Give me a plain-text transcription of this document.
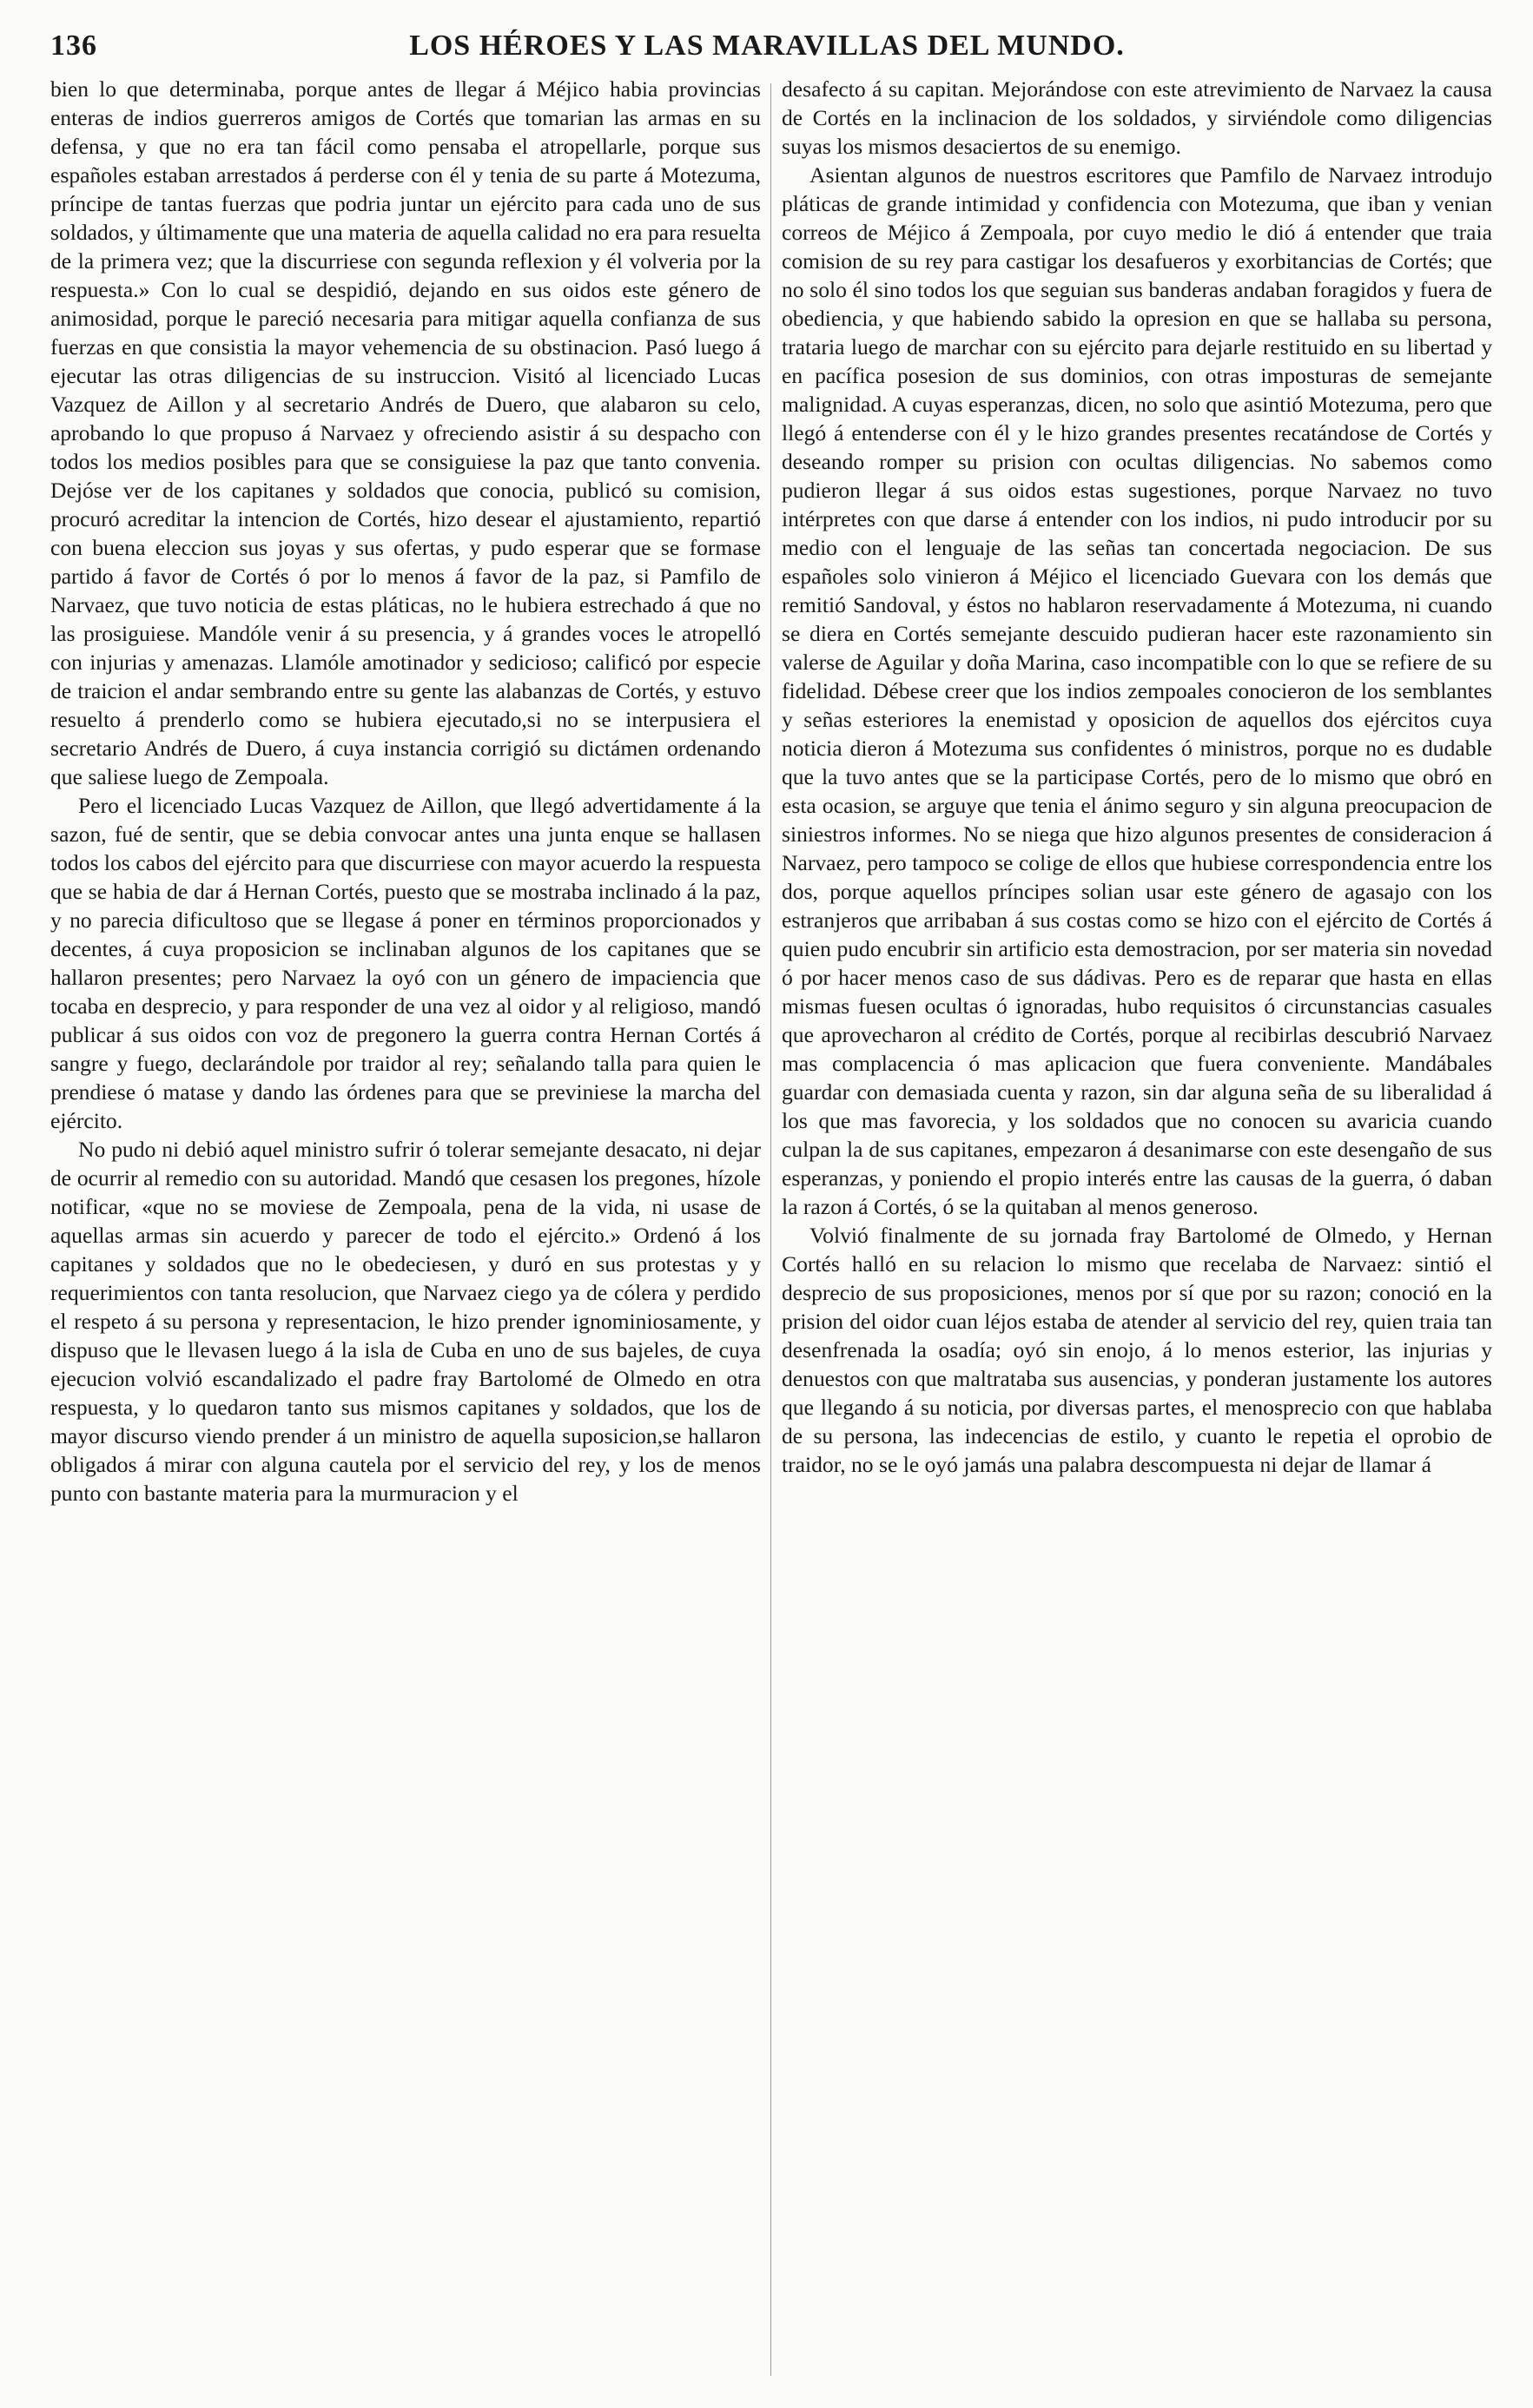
136	LOS HÉROES Y LAS MARAVILLAS DEL MUNDO.

bien lo que determinaba, porque antes de llegar á Méjico habia provincias enteras de indios guerreros amigos de Cortés que tomarian las armas en su defensa, y que no era tan fácil como pensaba el atropellarle, porque sus españoles estaban arrestados á perderse con él y tenia de su parte á Motezuma, príncipe de tantas fuerzas que podria juntar un ejército para cada uno de sus soldados, y últimamente que una materia de aquella calidad no era para resuelta de la primera vez; que la discurriese con segunda reflexion y él volveria por la respuesta.» Con lo cual se despidió, dejando en sus oidos este género de animosidad, porque le pareció necesaria para mitigar aquella confianza de sus fuerzas en que consistia la mayor vehemencia de su obstinacion. Pasó luego á ejecutar las otras diligencias de su instruccion. Visitó al licenciado Lucas Vazquez de Aillon y al secretario Andrés de Duero, que alabaron su celo, aprobando lo que propuso á Narvaez y ofreciendo asistir á su despacho con todos los medios posibles para que se consiguiese la paz que tanto convenia. Dejóse ver de los capitanes y soldados que conocia, publicó su comision, procuró acreditar la intencion de Cortés, hizo desear el ajustamiento, repartió con buena eleccion sus joyas y sus ofertas, y pudo esperar que se formase partido á favor de Cortés ó por lo menos á favor de la paz, si Pamfilo de Narvaez, que tuvo noticia de estas pláticas, no le hubiera estrechado á que no las prosiguiese. Mandóle venir á su presencia, y á grandes voces le atropelló con injurias y amenazas. Llamóle amotinador y sedicioso; calificó por especie de traicion el andar sembrando entre su gente las alabanzas de Cortés, y estuvo resuelto á prenderlo como se hubiera ejecutado,si no se interpusiera el secretario Andrés de Duero, á cuya instancia corrigió su dictámen ordenando que saliese luego de Zempoala.

Pero el licenciado Lucas Vazquez de Aillon, que llegó advertidamente á la sazon, fué de sentir, que se debia convocar antes una junta enque se hallasen todos los cabos del ejército para que discurriese con mayor acuerdo la respuesta que se habia de dar á Hernan Cortés, puesto que se mostraba inclinado á la paz, y no parecia dificultoso que se llegase á poner en términos proporcionados y decentes, á cuya proposicion se inclinaban algunos de los capitanes que se hallaron presentes; pero Narvaez la oyó con un género de impaciencia que tocaba en desprecio, y para responder de una vez al oidor y al religioso, mandó publicar á sus oidos con voz de pregonero la guerra contra Hernan Cortés á sangre y fuego, declarándole por traidor al rey; señalando talla para quien le prendiese ó matase y dando las órdenes para que se previniese la marcha del ejército.

No pudo ni debió aquel ministro sufrir ó tolerar semejante desacato, ni dejar de ocurrir al remedio con su autoridad. Mandó que cesasen los pregones, hízole notificar, «que no se moviese de Zempoala, pena de la vida, ni usase de aquellas armas sin acuerdo y parecer de todo el ejército.» Ordenó á los capitanes y soldados que no le obedeciesen, y duró en sus protestas y y requerimientos con tanta resolucion, que Narvaez ciego ya de cólera y perdido el respeto á su persona y representacion, le hizo prender ignominiosamente, y dispuso que le llevasen luego á la isla de Cuba en uno de sus bajeles, de cuya ejecucion volvió escandalizado el padre fray Bartolomé de Olmedo en otra respuesta, y lo quedaron tanto sus mismos capitanes y soldados, que los de mayor discurso viendo prender á un ministro de aquella suposicion,se hallaron obligados á mirar con alguna cautela por el servicio del rey, y los de menos punto con bastante materia para la murmuracion y el

desafecto á su capitan. Mejorándose con este atrevimiento de Narvaez la causa de Cortés en la inclinacion de los soldados, y sirviéndole como diligencias suyas los mismos desaciertos de su enemigo.

Asientan algunos de nuestros escritores que Pamfilo de Narvaez introdujo pláticas de grande intimidad y confidencia con Motezuma, que iban y venian correos de Méjico á Zempoala, por cuyo medio le dió á entender que traia comision de su rey para castigar los desafueros y exorbitancias de Cortés; que no solo él sino todos los que seguian sus banderas andaban foragidos y fuera de obediencia, y que habiendo sabido la opresion en que se hallaba su persona, trataria luego de marchar con su ejército para dejarle restituido en su libertad y en pacífica posesion de sus dominios, con otras imposturas de semejante malignidad. A cuyas esperanzas, dicen, no solo que asintió Motezuma, pero que llegó á entenderse con él y le hizo grandes presentes recatándose de Cortés y deseando romper su prision con ocultas diligencias. No sabemos como pudieron llegar á sus oidos estas sugestiones, porque Narvaez no tuvo intérpretes con que darse á entender con los indios, ni pudo introducir por su medio con el lenguaje de las señas tan concertada negociacion. De sus españoles solo vinieron á Méjico el licenciado Guevara con los demás que remitió Sandoval, y éstos no hablaron reservadamente á Motezuma, ni cuando se diera en Cortés semejante descuido pudieran hacer este razonamiento sin valerse de Aguilar y doña Marina, caso incompatible con lo que se refiere de su fidelidad. Débese creer que los indios zempoales conocieron de los semblantes y señas esteriores la enemistad y oposicion de aquellos dos ejércitos cuya noticia dieron á Motezuma sus confidentes ó ministros, porque no es dudable que la tuvo antes que se la participase Cortés, pero de lo mismo que obró en esta ocasion, se arguye que tenia el ánimo seguro y sin alguna preocupacion de siniestros informes. No se niega que hizo algunos presentes de consideracion á Narvaez, pero tampoco se colige de ellos que hubiese correspondencia entre los dos, porque aquellos príncipes solian usar este género de agasajo con los estranjeros que arribaban á sus costas como se hizo con el ejército de Cortés á quien pudo encubrir sin artificio esta demostracion, por ser materia sin novedad ó por hacer menos caso de sus dádivas. Pero es de reparar que hasta en ellas mismas fuesen ocultas ó ignoradas, hubo requisitos ó circunstancias casuales que aprovecharon al crédito de Cortés, porque al recibirlas descubrió Narvaez mas complacencia ó mas aplicacion que fuera conveniente. Mandábales guardar con demasiada cuenta y razon, sin dar alguna seña de su liberalidad á los que mas favorecia, y los soldados que no conocen su avaricia cuando culpan la de sus capitanes, empezaron á desanimarse con este desengaño de sus esperanzas, y poniendo el propio interés entre las causas de la guerra, ó daban la razon á Cortés, ó se la quitaban al menos generoso.

Volvió finalmente de su jornada fray Bartolomé de Olmedo, y Hernan Cortés halló en su relacion lo mismo que recelaba de Narvaez: sintió el desprecio de sus proposiciones, menos por sí que por su razon; conoció en la prision del oidor cuan léjos estaba de atender al servicio del rey, quien traia tan desenfrenada la osadía; oyó sin enojo, á lo menos esterior, las injurias y denuestos con que maltrataba sus ausencias, y ponderan justamente los autores que llegando á su noticia, por diversas partes, el menosprecio con que hablaba de su persona, las indecencias de estilo, y cuanto le repetia el oprobio de traidor, no se le oyó jamás una palabra descompuesta ni dejar de llamar á
